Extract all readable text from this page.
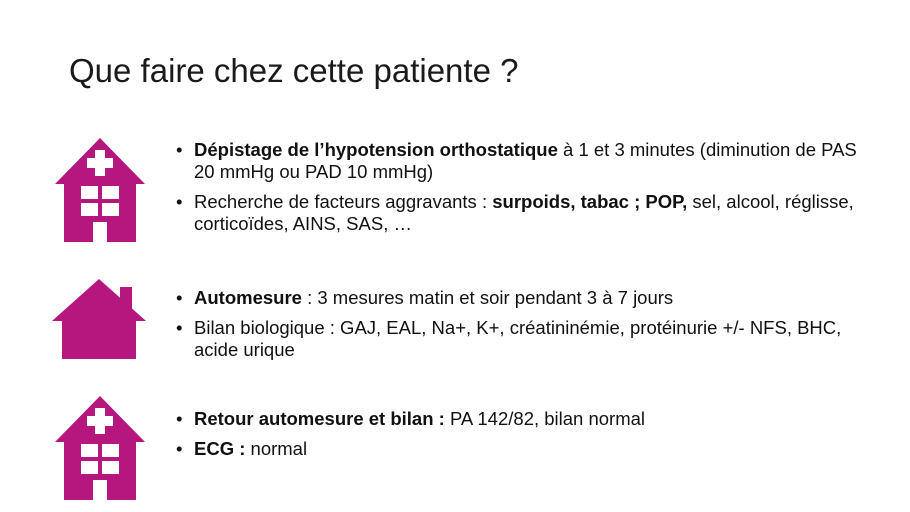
Que faire chez cette patiente ?
• Dépistage de l’hypotension orthostatique à 1 et 3 minutes (diminution de PAS 20 mmHg ou PAD 10 mmHg)
• Recherche de facteurs aggravants : surpoids, tabac ; POP, sel, alcool, réglisse, corticoïdes, AINS, SAS, …
• Automesure : 3 mesures matin et soir pendant 3 à 7 jours
• Bilan biologique : GAJ, EAL, Na+, K+, créatininémie, protéinurie +/- NFS, BHC, acide urique
• Retour automesure et bilan : PA 142/82, bilan normal
• ECG : normal
